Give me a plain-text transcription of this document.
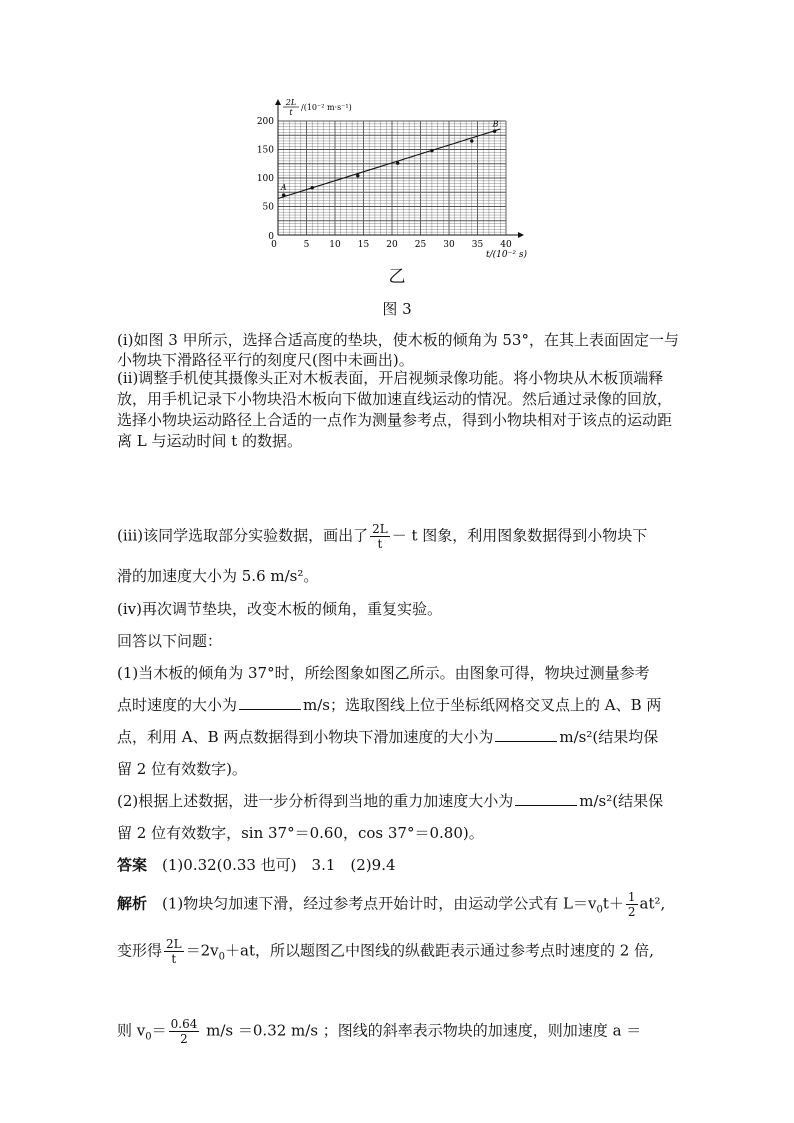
0	5 10 15 20 25 30 35 40
50
100
150
200
0
t/(10⁻² s)
2L
t
/(10⁻² m·s⁻¹)
A
B
乙
图 3
(ⅰ)如图 3 甲所示，选择合适高度的垫块，使木板的倾角为 53°，在其上表面固定一与小物块下滑路径平行的刻度尺(图中未画出)。
(ⅱ)调整手机使其摄像头正对木板表面，开启视频录像功能。将小物块从木板顶端释放，用手机记录下小物块沿木板向下做加速直线运动的情况。然后通过录像的回放，选择小物块运动路径上合适的一点作为测量参考点，得到小物块相对于该点的运动距离 L 与运动时间 t 的数据。
(iii)该同学选取部分实验数据，画出了 $\frac{2L}{t} - t$ 图象，利用图象数据得到小物块下
滑的加速度大小为 5.6 m/s²。
(iv)再次调节垫块，改变木板的倾角，重复实验。
回答以下问题：
(1)当木板的倾角为 37°时，所绘图象如图乙所示。由图象可得，物块过测量参考
点时速度的大小为	m/s；选取图线上位于坐标纸网格交叉点上的 A、B 两
点，利用 A、B 两点数据得到小物块下滑加速度的大小为	m/s²(结果均保
留 2 位有效数字)。
(2)根据上述数据，进一步分析得到当地的重力加速度大小为	m/s²(结果保
留 2 位有效数字，sin 37°＝0.60，cos 37°＝0.80)。
答案　 (1)0.32(0.33 也可)　3.1　(2)9.4
解析　 (1)物块匀加速下滑，经过参考点开始计时，由运动学公式有 $L=v_0t+ \frac{1}{2} at^2$,
变形得 $\frac{2L}{t} =2v_0+at$，所以题图乙中图线的纵截距表示通过参考点时速度的 2 倍,
则 $v_0= \frac{0.64}{2} m/s =0.32$ m/s ；图线的斜率表示物块的加速度，则加速度 a ＝
